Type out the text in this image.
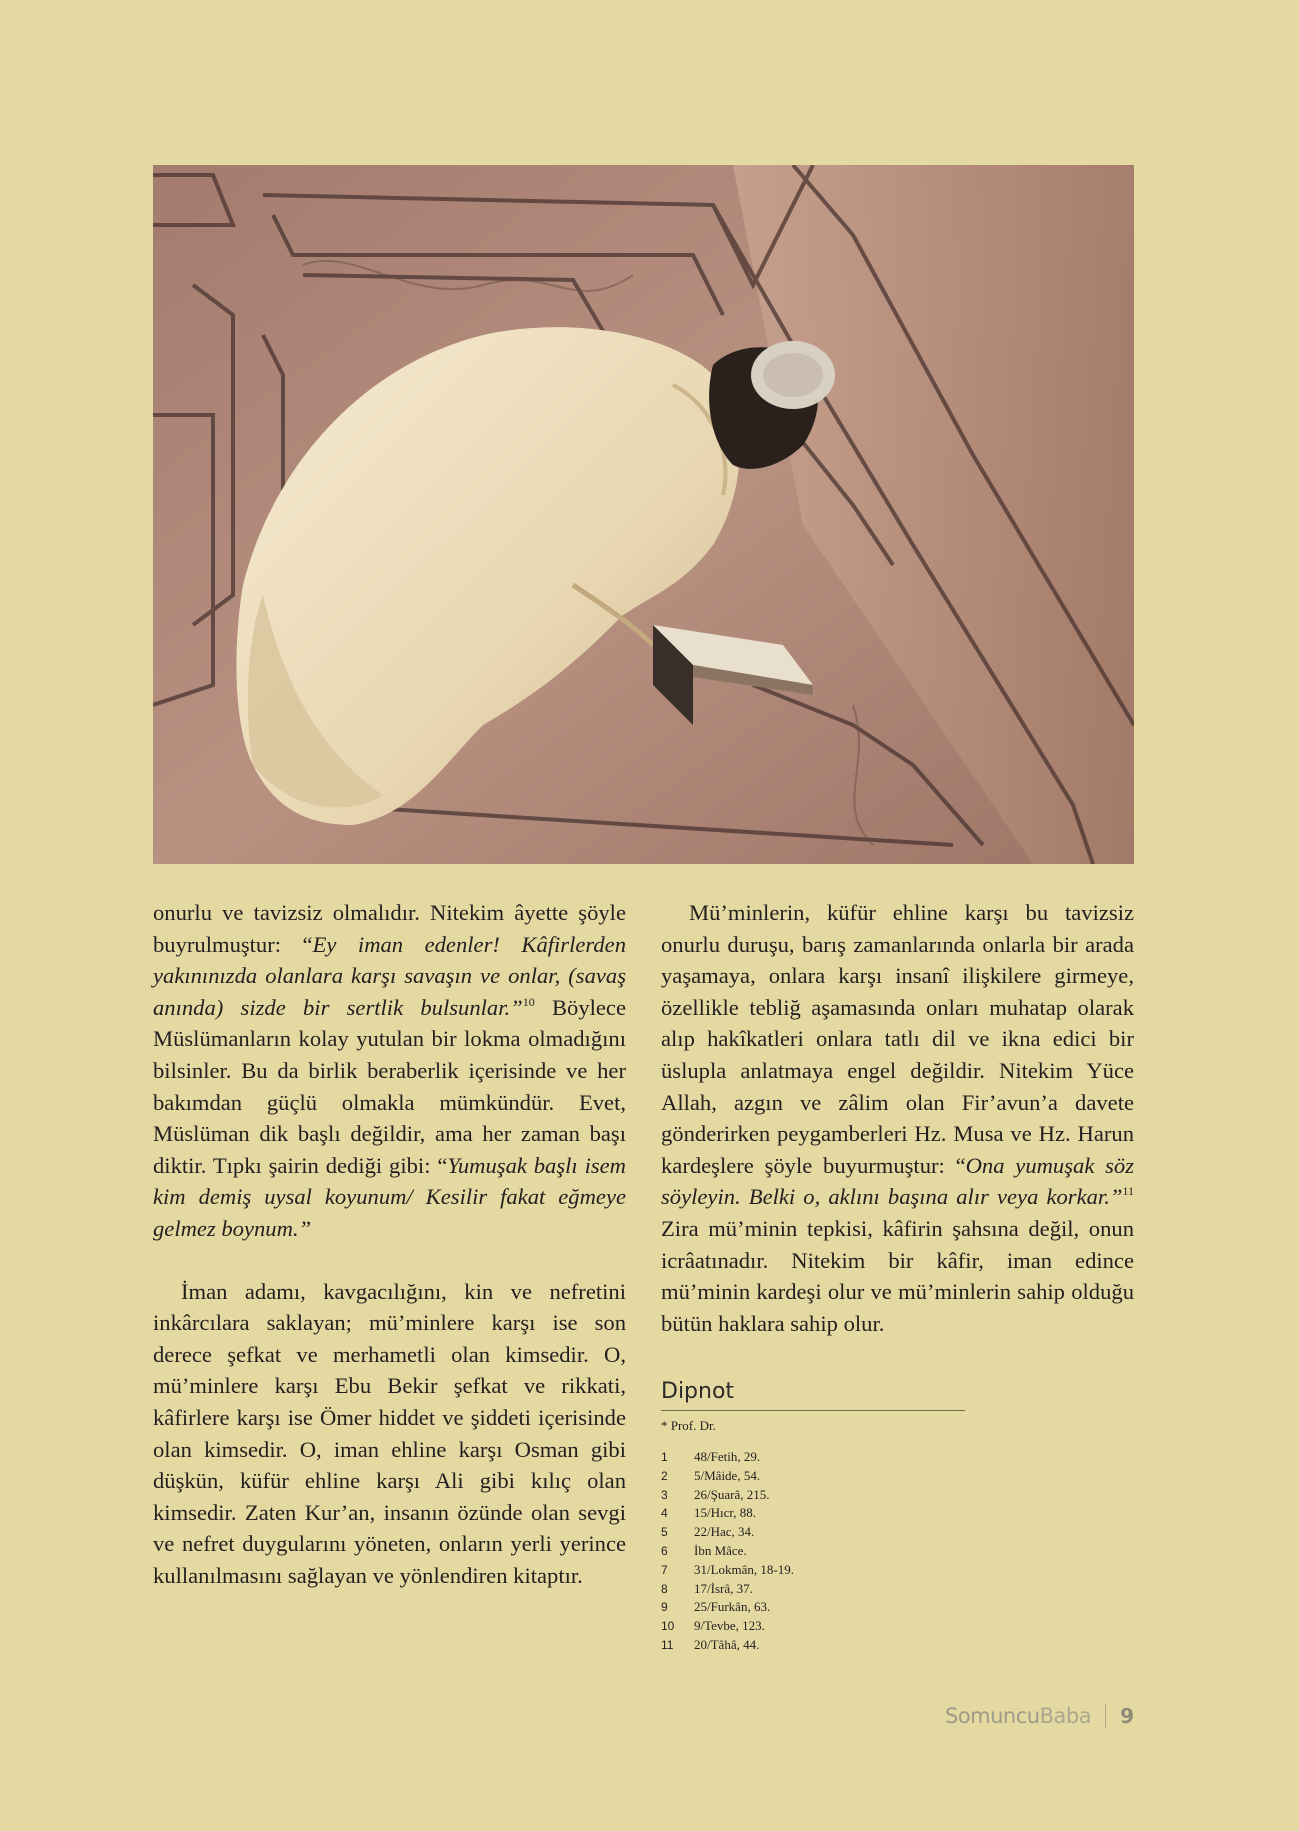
onurlu ve tavizsiz olmalıdır. Nitekim âyette şöyle buyrulmuştur: “Ey iman edenler! Kâfirlerden yakınınızda olanlara karşı savaşın ve onlar, (savaş anında) sizde bir sertlik bulsunlar.”$^{10}$ Böylece Müslümanların kolay yutulan bir lokma olmadığını bilsinler. Bu da birlik beraberlik içerisinde ve her bakımdan güçlü olmakla mümkündür. Evet, Müslüman dik başlı değildir, ama her zaman başı diktir. Tıpkı şairin dediği gibi: “Yumuşak başlı isem kim demiş uysal koyunum/ Kesilir fakat eğmeye gelmez boynum.”

İman adamı, kavgacılığını, kin ve nefretini inkârcılara saklayan; mü’minlere karşı ise son derece şefkat ve merhametli olan kimsedir. O, mü’minlere karşı Ebu Bekir şefkat ve rikkati, kâfirlere karşı ise Ömer hiddet ve şiddeti içerisinde olan kimsedir. O, iman ehline karşı Osman gibi düşkün, küfür ehline karşı Ali gibi kılıç olan kimsedir. Zaten Kur’an, insanın özünde olan sevgi ve nefret duygularını yöneten, onların yerli yerince kullanılmasını sağlayan ve yönlendiren kitaptır.

Mü’minlerin, küfür ehline karşı bu tavizsiz onurlu duruşu, barış zamanlarında onlarla bir arada yaşamaya, onlara karşı insanî ilişkilere girmeye, özellikle tebliğ aşamasında onları muhatap olarak alıp hakîkatleri onlara tatlı dil ve ikna edici bir üslupla anlatmaya engel değildir. Nitekim Yüce Allah, azgın ve zâlim olan Fir’avun’a davete gönderirken peygamberleri Hz. Musa ve Hz. Harun kardeşlere şöyle buyurmuştur: “Ona yumuşak söz söyleyin. Belki o, aklını başına alır veya korkar.”$^{11}$ Zira mü’minin tepkisi, kâfirin şahsına değil, onun icrâatınadır. Nitekim bir kâfir, iman edince mü’minin kardeşi olur ve mü’minlerin sahip olduğu bütün haklara sahip olur.

Dipnot
* Prof. Dr.
1	48/Fetih, 29.
2	5/Mâide, 54.
3	26/Şuarâ, 215.
4	15/Hıcr, 88.
5	22/Hac, 34.
6	İbn Mâce.
7	31/Lokmân, 18-19.
8	17/İsrâ, 37.
9	25/Furkân, 63.
10	9/Tevbe, 123.
11	20/Tâhâ, 44.
SomuncuBaba 9
